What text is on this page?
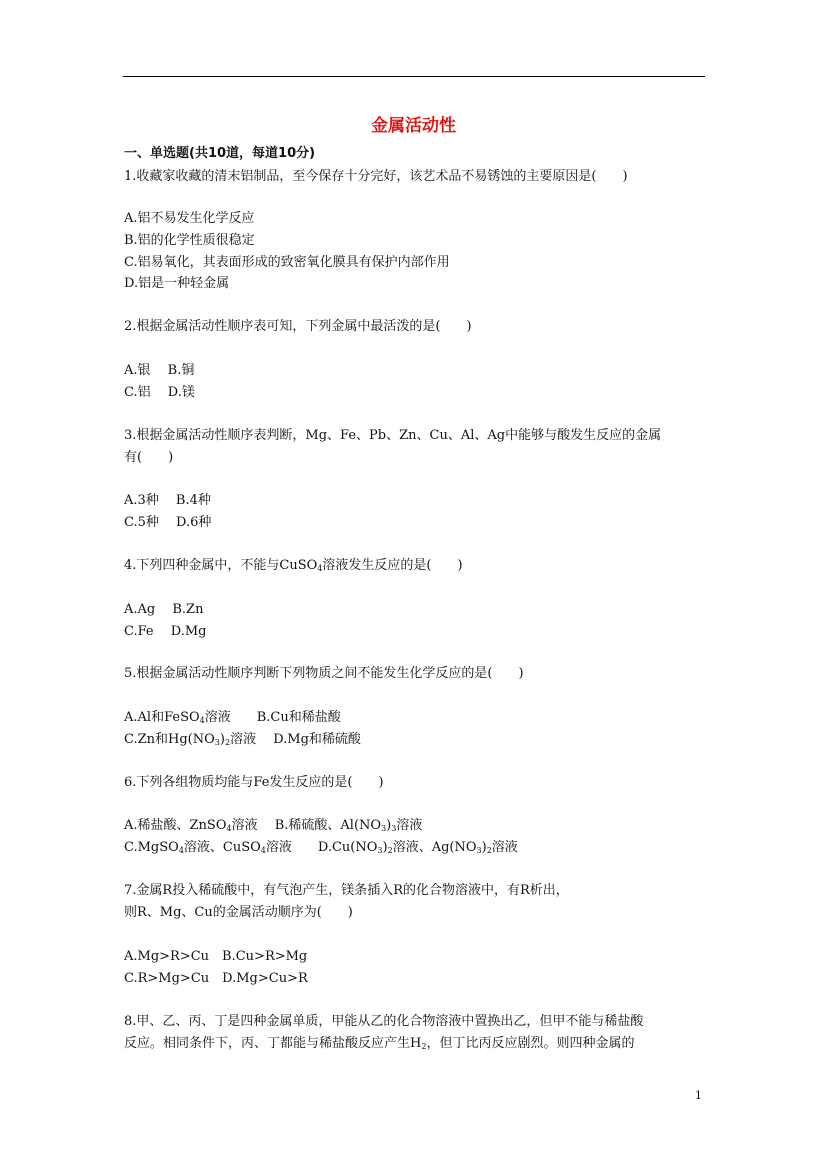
金属活动性
一、单选题(共10道，每道10分)
1.收藏家收藏的清末铝制品，至今保存十分完好，该艺术品不易锈蚀的主要原因是(　　)
A.铝不易发生化学反应
B.铝的化学性质很稳定
C.铝易氧化，其表面形成的致密氧化膜具有保护内部作用
D.铝是一种轻金属
2.根据金属活动性顺序表可知，下列金属中最活泼的是(　　)
A.银　 B.铜
C.铝　 D.镁
3.根据金属活动性顺序表判断，Mg、Fe、Pb、Zn、Cu、Al、Ag中能够与酸发生反应的金属
有(　　)
A.3种　 B.4种
C.5种　 D.6种
4.下列四种金属中，不能与CuSO$_4$溶液发生反应的是(　　)
A.Ag　 B.Zn
C.Fe　 D.Mg
5.根据金属活动性顺序判断下列物质之间不能发生化学反应的是(　　)
A.Al和FeSO$_4$溶液　　B.Cu和稀盐酸
C.Zn和$Hg(NO_3)_2$溶液　 D.Mg和稀硫酸
6.下列各组物质均能与Fe发生反应的是(　　)
A.稀盐酸、ZnSO$_4$溶液　 B.稀硫酸、$Al(NO_3)_3$溶液
C.MgSO$_4$溶液、CuSO$_4$溶液　　$D.Cu(NO_3)_2$溶液、$Ag(NO_3)_2$溶液
7.金属R投入稀硫酸中，有气泡产生，镁条插入R的化合物溶液中，有R析出，
则R、Mg、Cu的金属活动顺序为(　　)
A.Mg>R>Cu　B.Cu>R>Mg
C.R>Mg>Cu　D.Mg>Cu>R
8.甲、乙、丙、丁是四种金属单质，甲能从乙的化合物溶液中置换出乙，但甲不能与稀盐酸
反应。相同条件下，丙、丁都能与稀盐酸反应产生$H_2$，但丁比丙反应剧烈。则四种金属的
1
